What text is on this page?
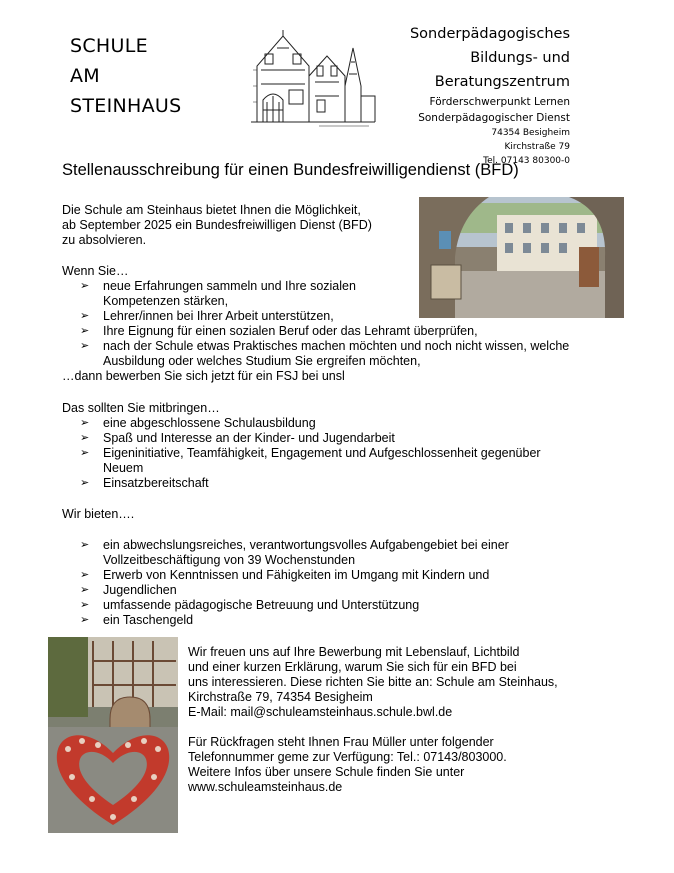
SCHULE
AM
STEINHAUS
Sonderpädagogisches
Bildungs- und
Beratungszentrum
Förderschwerpunkt Lernen
Sonderpädagogischer Dienst
74354 Besigheim
Kirchstraße 79
Tel. 07143 80300-0
Stellenausschreibung für einen Bundesfreiwilligendienst (BFD)
Die Schule am Steinhaus bietet Ihnen die Möglichkeit,
ab September 2025 ein Bundesfreiwilligen Dienst (BFD)
zu absolvieren.
Wenn Sie…
➢	neue Erfahrungen sammeln und Ihre sozialen
Kompetenzen stärken,
➢	Lehrer/innen bei Ihrer Arbeit unterstützen,
➢	Ihre Eignung für einen sozialen Beruf oder das Lehramt überprüfen,
➢	nach der Schule etwas Praktisches machen möchten und noch nicht wissen, welche
Ausbildung oder welches Studium Sie ergreifen möchten,
…dann bewerben Sie sich jetzt für ein FSJ bei unsl
Das sollten Sie mitbringen…
➢	eine abgeschlossene Schulausbildung
➢	Spaß und Interesse an der Kinder- und Jugendarbeit
➢	Eigeninitiative, Teamfähigkeit, Engagement und Aufgeschlossenheit gegenüber
Neuem
➢	Einsatzbereitschaft
Wir bieten….
➢	ein abwechslungsreiches, verantwortungsvolles Aufgabengebiet bei einer
Vollzeitbeschäftigung von 39 Wochenstunden
➢	Erwerb von Kenntnissen und Fähigkeiten im Umgang mit Kindern und
➢	Jugendlichen
➢	umfassende pädagogische Betreuung und Unterstützung
➢	ein Taschengeld
Wir freuen uns auf Ihre Bewerbung mit Lebenslauf, Lichtbild
und einer kurzen Erklärung, warum Sie sich für ein BFD bei
uns interessieren. Diese richten Sie bitte an: Schule am Steinhaus,
Kirchstraße 79, 74354 Besigheim
E-Mail: mail@schuleamsteinhaus.schule.bwl.de
Für Rückfragen steht Ihnen Frau Müller unter folgender
Telefonnummer geme zur Verfügung: Tel.: 07143/803000.
Weitere Infos über unsere Schule finden Sie unter
www.schuleamsteinhaus.de
